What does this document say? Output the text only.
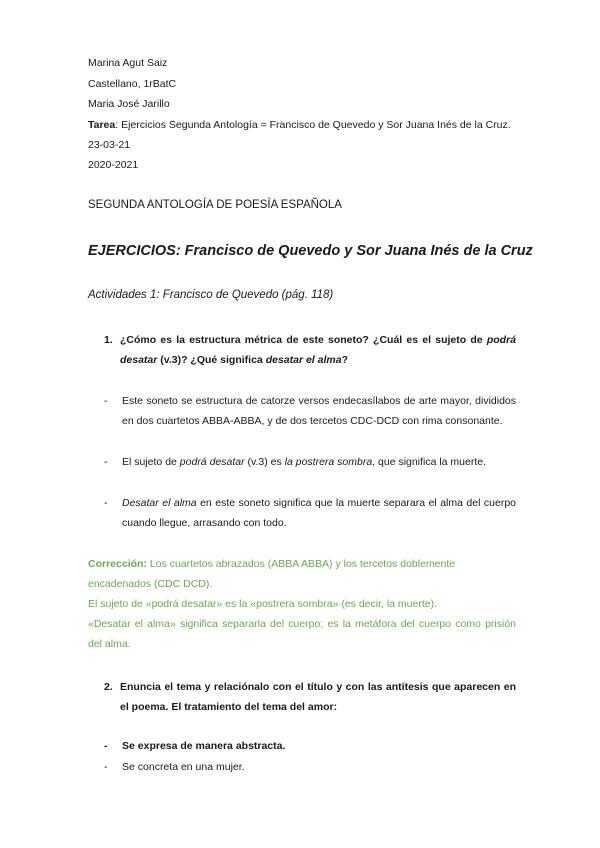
Marina Agut Saiz
Castellano, 1rBatC
Maria José Jarillo
Tarea: Ejercicios Segunda Antología = Francisco de Quevedo y Sor Juana Inés de la Cruz.
23-03-21
2020-2021
SEGUNDA ANTOLOGÍA DE POESÍA ESPAÑOLA
EJERCICIOS: Francisco de Quevedo y Sor Juana Inés de la Cruz
Actividades 1: Francisco de Quevedo (pág. 118)
1. ¿Cómo es la estructura métrica de este soneto? ¿Cuál es el sujeto de podrá desatar (v.3)? ¿Qué significa desatar el alma?
- Este soneto se estructura de catorze versos endecasílabos de arte mayor, divididos en dos cuartetos ABBA-ABBA, y de dos tercetos CDC-DCD con rima consonante.
- El sujeto de podrá desatar (v.3) es la postrera sombra, que significa la muerte.
- Desatar el alma en este soneto significa que la muerte separara el alma del cuerpo cuando llegue, arrasando con todo.
Corrección: Los cuartetos abrazados (ABBA ABBA) y los tercetos doblemente
encadenados (CDC DCD).
El sujeto de «podrá desatar» es la «postrera sombra» (es decir, la muerte).
«Desatar el alma» significa separarla del cuerpo; es la metáfora del cuerpo como prisión del alma.
2. Enuncia el tema y relaciónalo con el título y con las antítesis que aparecen en el poema. El tratamiento del tema del amor:
- Se expresa de manera abstracta.
- Se concreta en una mujer.
